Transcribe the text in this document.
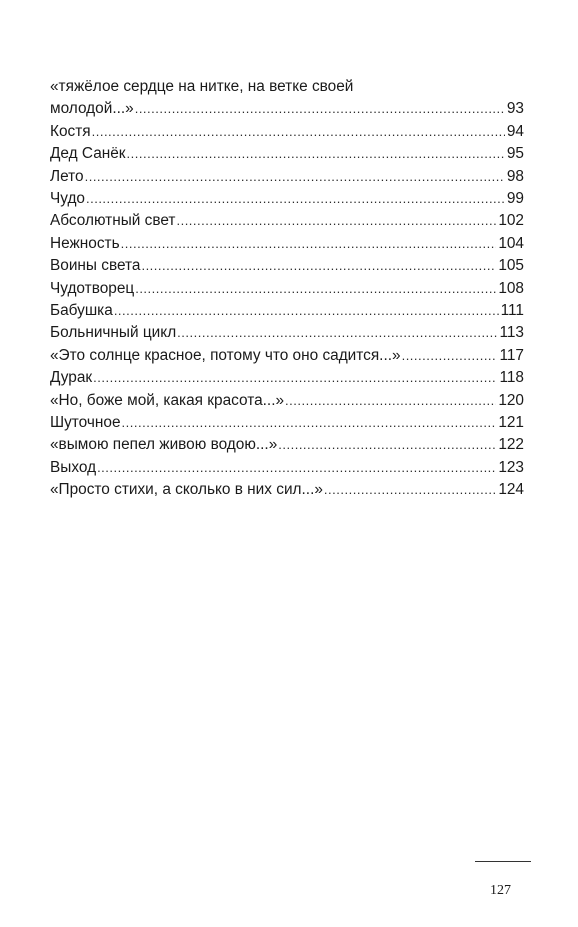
«тяжёлое сердце на нитке, на ветке своей
молодой...» .....	93
Костя .....	94
Дед Санёк .....	95
Лето .....	98
Чудо .....	99
Абсолютный свет .....	102
Нежность .....	104
Воины света .....	105
Чудотворец .....	108
Бабушка .....	111
Больничный цикл .....	113
«Это солнце красное, потому что оно садится...» .....	117
Дурак .....	118
«Но, боже мой, какая красота...» .....	120
Шуточное .....	121
«вымою пепел живою водою...» .....	122
Выход .....	123
«Просто стихи, а сколько в них сил...» .....	124
127
